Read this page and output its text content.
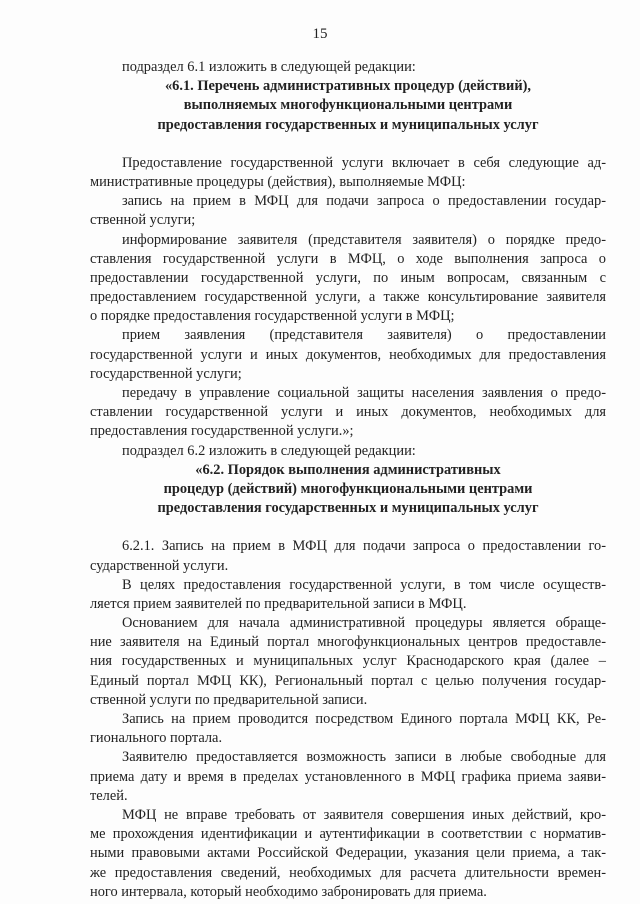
15
подраздел 6.1 изложить в следующей редакции:
«6.1. Перечень административных процедур (действий),
выполняемых многофункциональными центрами
предоставления государственных и муниципальных услуг
Предоставление государственной услуги включает в себя следующие ад-
министративные процедуры (действия), выполняемые МФЦ:
запись на прием в МФЦ для подачи запроса о предоставлении государ-
ственной услуги;
информирование заявителя (представителя заявителя) о порядке предо-
ставления государственной услуги в МФЦ, о ходе выполнения запроса о
предоставлении государственной услуги, по иным вопросам, связанным с
предоставлением государственной услуги, а также консультирование заявителя
о порядке предоставления государственной услуги в МФЦ;
прием заявления (представителя заявителя) о предоставлении
государственной услуги и иных документов, необходимых для предоставления
государственной услуги;
передачу в управление социальной защиты населения заявления о предо-
ставлении государственной услуги и иных документов, необходимых для
предоставления государственной услуги.»;
подраздел 6.2 изложить в следующей редакции:
«6.2. Порядок выполнения административных
процедур (действий) многофункциональными центрами
предоставления государственных и муниципальных услуг
6.2.1. Запись на прием в МФЦ для подачи запроса о предоставлении го-
сударственной услуги.
В целях предоставления государственной услуги, в том числе осуществ-
ляется прием заявителей по предварительной записи в МФЦ.
Основанием для начала административной процедуры является обраще-
ние заявителя на Единый портал многофункциональных центров предоставле-
ния государственных и муниципальных услуг Краснодарского края (далее –
Единый портал МФЦ КК), Региональный портал с целью получения государ-
ственной услуги по предварительной записи.
Запись на прием проводится посредством Единого портала МФЦ КК, Ре-
гионального портала.
Заявителю предоставляется возможность записи в любые свободные для
приема дату и время в пределах установленного в МФЦ графика приема заяви-
телей.
МФЦ не вправе требовать от заявителя совершения иных действий, кро-
ме прохождения идентификации и аутентификации в соответствии с норматив-
ными правовыми актами Российской Федерации, указания цели приема, а так-
же предоставления сведений, необходимых для расчета длительности времен-
ного интервала, который необходимо забронировать для приема.
